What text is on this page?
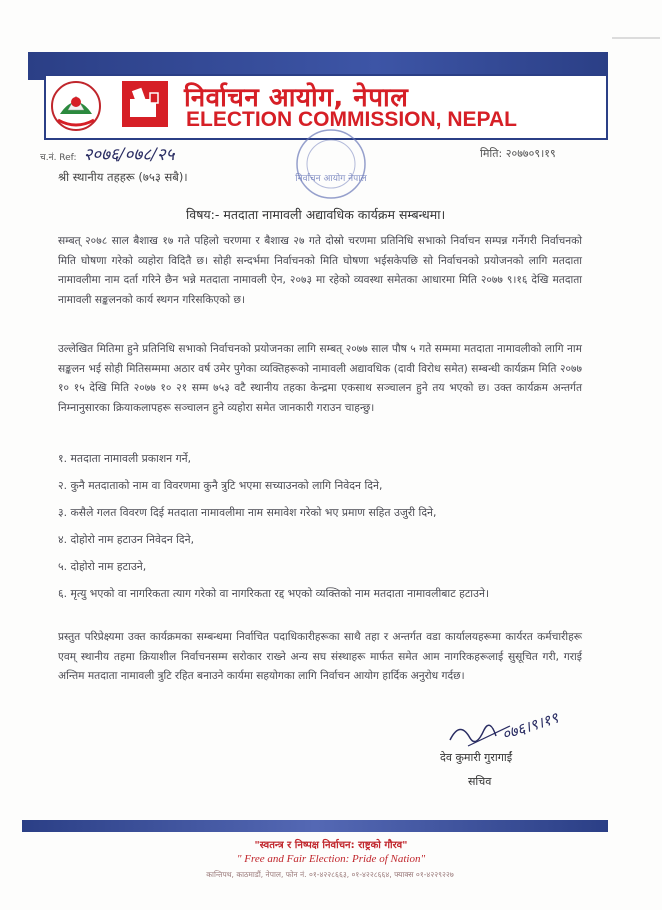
निर्वाचन आयोग, नेपाल
ELECTION COMMISSION, NEPAL
च.नं. Ref: २०७६/०७८/२५	मिति: २०७७०९।१९
निर्वाचन आयोग नेपाल
श्री स्थानीय तहहरू (७५३ सबै)।
विषय:- मतदाता नामावली अद्यावधिक कार्यक्रम सम्बन्धमा।

सम्बत् २०७८ साल बैशाख १७ गते पहिलो चरणमा र बैशाख २७ गते दोस्रो चरणमा प्रतिनिधि सभाको निर्वाचन सम्पन्न गर्नेगरी निर्वाचनको मिति घोषणा गरेको व्यहोरा विदितै छ। सोही सन्दर्भमा निर्वाचनको मिति घोषणा भईसकेपछि सो निर्वाचनको प्रयोजनको लागि मतदाता नामावलीमा नाम दर्ता गरिने छैन भन्ने मतदाता नामावली ऐन, २०७३ मा रहेको व्यवस्था समेतका आधारमा मिति २०७७ ९।१६ देखि मतदाता नामावली सङ्कलनको कार्य स्थगन गरिसकिएको छ।

उल्लेखित मितिमा हुने प्रतिनिधि सभाको निर्वाचनको प्रयोजनका लागि सम्बत् २०७७ साल पौष ५ गते सम्ममा मतदाता नामावलीको लागि नाम सङ्कलन भई सोही मितिसम्ममा अठार वर्ष उमेर पुगेका व्यक्तिहरूको नामावली अद्यावधिक (दावी विरोध समेत) सम्बन्धी कार्यक्रम मिति २०७७ १० १५ देखि मिति २०७७ १० २१ सम्म ७५३ वटै स्थानीय तहका केन्द्रमा एकसाथ सञ्चालन हुने तय भएको छ। उक्त कार्यक्रम अन्तर्गत निम्नानुसारका क्रियाकलापहरू सञ्चालन हुने व्यहोरा समेत जानकारी गराउन चाहन्छु।

१. मतदाता नामावली प्रकाशन गर्ने,
२. कुनै मतदाताको नाम वा विवरणमा कुनै त्रुटि भएमा सच्याउनको लागि निवेदन दिने,
३. कसैले गलत विवरण दिई मतदाता नामावलीमा नाम समावेश गरेको भए प्रमाण सहित उजुरी दिने,
४. दोहोरो नाम हटाउन निवेदन दिने,
५. दोहोरो नाम हटाउने,
६. मृत्यु भएको वा नागरिकता त्याग गरेको वा नागरिकता रद्द भएको व्यक्तिको नाम मतदाता नामावलीबाट हटाउने।

प्रस्तुत परिप्रेक्ष्यमा उक्त कार्यक्रमका सम्बन्धमा निर्वाचित पदाधिकारीहरूका साथै तहा र अन्तर्गत वडा कार्यालयहरूमा कार्यरत कर्मचारीहरू एवम् स्थानीय तहमा क्रियाशील निर्वाचनसम्म सरोकार राख्ने अन्य सघ संस्थाहरू मार्फत समेत आम नागरिकहरूलाई सुसूचित गरी, गराई अन्तिम मतदाता नामावली त्रुटि रहित बनाउने कार्यमा सहयोगका लागि निर्वाचन आयोग हार्दिक अनुरोध गर्दछ।

०७६।९।१९
देव कुमारी गुरागाईं
सचिव
"स्वतन्त्र र निष्पक्ष निर्वाचन: राष्ट्रको गौरव"
" Free and Fair Election: Pride of Nation"
कान्तिपथ, काठमाडौं, नेपाल, फोन नं. ०१-४२२८६६३, ०१-४२२८६६४, फ्याक्स ०१-४२२९२२७
